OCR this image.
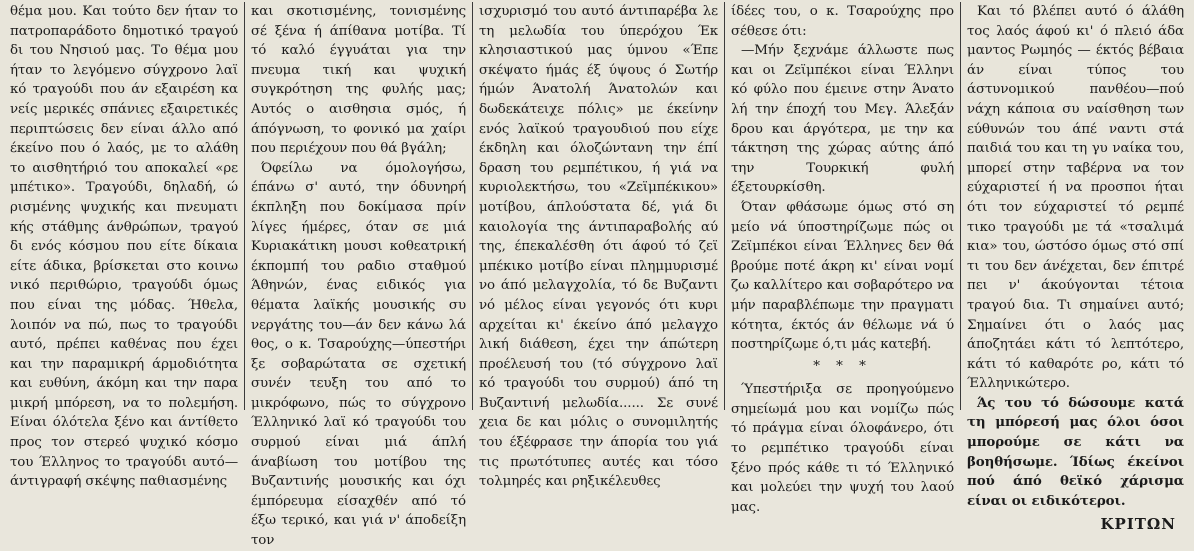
θέμα μου. Και τούτο δεν ήταν το πατροπαράδοτο δημοτικό τραγού δι του Νησιού μας. Το θέμα μου ήταν το λεγόμενο σύγχρονο λαϊ κό τραγούδι που άν εξαιρέση κα νείς μερικές σπάνιες εξαιρετικές περιπτώσεις δεν είναι άλλο από έκείνο που ό λαός, με το αλάθη το αισθητήριό του αποκαλεί «ρε μπέτικο». Τραγούδι, δηλαδή, ώ ρισμένης ψυχικής και πνευματι κής στάθμης άνθρώπων, τραγού δι ενός κόσμου που είτε δίκαια είτε άδικα, βρίσκεται στο κοινω νικό περιθώριο, τραγούδι όμως που είναι της μόδας. Ήθελα, λοιπόν να πώ, πως το τραγούδι αυτό, πρέπει καθένας που έχει και την παραμικρή άρμοδιότητα και ευθύνη, άκόμη και την παρα μικρή μπόρεση, να το πολεμήση. Είναι όλότελα ξένο και άντίθετο προς τον στερεό ψυχικό κόσμο του Έλληνος το τραγούδι αυτό— άντιγραφή σκέψης παθιασμένης

και σκοτισμένης, τονισμένης σέ ξένα ή άπίθανα μοτίβα. Τί τό καλό έγγυάται για την πνευμα τική και ψυχική συγκρότηση της φυλής μας; Αυτός ο αισθησια σμός, ή άπόγνωση, το φονικό μα χαίρι που περιέχουν που θά βγάλη;

Όφείλω να όμολογήσω, έπάνω σ' αυτό, την όδυνηρή έκπληξη που δοκίμασα πρίν λίγες ήμέρες, όταν σε μιά Κυριακάτικη μουσι κοθεατρική έκπομπή του ραδιο σταθμού Άθηνών, ένας ειδικός για θέματα λαϊκής μουσικής συ νεργάτης του—άν δεν κάνω λά θος, ο κ. Τσαρούχης—ύπεστήρι ξε σοβαρώτατα σε σχετική συνέν τευξη του από το μικρόφωνο, πώς το σύγχρονο Έλληνικό λαϊ κό τραγούδι του συρμού είναι μιά άπλή άναβίωση του μοτίβου της Βυζαντινής μουσικής και όχι έμπόρευμα είσαχθέν από τό έξω τερικό, και γιά ν' άποδείξη τον

ισχυρισμό του αυτό άντιπαρέβα λε τη μελωδία του ύπερόχου Έκ κλησιαστικού μας ύμνου «Έπε σκέψατο ήμάς έξ ύψους ό Σωτήρ ήμών Άνατολή Άνατολών και δωδεκάτειχε πόλις» με έκείνην ενός λαϊκού τραγουδιού που είχε έκδηλη και όλοζώντανη την έπί δραση του ρεμπέτικου, ή γιά να κυριολεκτήσω, του «Ζεϊμπέκικου» μοτίβου, άπλούστατα δέ, γιά δι καιολογία της άντιπαραβολής αύ της, έπεκαλέσθη ότι άφού τό ζεϊ μπέκικο μοτίβο είναι πλημμυρισμέ νο άπό μελαγχολία, τό δε Βυζαντι νό μέλος είναι γεγονός ότι κυρι αρχείται κι' έκείνο άπό μελαγχο λική διάθεση, έχει την άπώτερη προέλευσή του (τό σύγχρονο λαϊ κό τραγούδι του συρμού) άπό τη Βυζαντινή μελωδία...... Σε συνέ χεια δε και μόλις ο συνομιλητής του έξέφρασε την άπορία του γιά τις πρωτότυπες αυτές και τόσο τολμηρές και ρηξικέλευθες

ίδέες του, ο κ. Τσαρούχης προ σέθεσε ότι:

—Μήν ξεχνάμε άλλωστε πως και οι Ζεϊμπέκοι είναι Έλληνι κό φύλο που έμεινε στην Άνατο λή την έποχή του Μεγ. Άλεξάν δρου και άργότερα, με την κα τάκτηση της χώρας αύτης άπό την Τουρκική φυλή έξετουρκίσθη.

Όταν φθάσωμε όμως στό ση μείο νά ύποστηρίζωμε πώς οι Ζεϊμπέκοι είναι Έλληνες δεν θά βρούμε ποτέ άκρη κι' είναι νομί ζω καλλίτερο και σοβαρότερο να μήν παραβλέπωμε την πραγματι κότητα, έκτός άν θέλωμε νά ύ ποστηρίζωμε ό,τι μάς κατεβή.

* * *

Ύπεστήριξα σε προηγούμενο σημείωμά μου και νομίζω πώς τό πράγμα είναι όλοφάνερο, ότι το ρεμπέτικο τραγούδι είναι ξένο πρός κάθε τι τό Έλληνικό και μολεύει την ψυχή του λαού μας.

Και τό βλέπει αυτό ό άλάθη τος λαός άφού κι' ό πλειό άδα μαντος Ρωμηός — έκτός βέβαια άν είναι τύπος του άστυνομικού πανθέου—πού νάχη κάποια συ ναίσθηση των εύθυνών του άπέ ναντι στά παιδιά του και τη γυ ναίκα του, μπορεί στην ταβέρνα να τον εύχαριστεί ή να προσποι ήται ότι τον εύχαριστεί τό ρεμπέ τικο τραγούδι με τά «τσαλιμά κια» του, ώστόσο όμως στό σπί τι του δεν άνέχεται, δεν έπιτρέ πει ν' άκούγονται τέτοια τραγού δια. Τι σημαίνει αυτό; Σημαίνει ότι ο λαός μας άποζητάει κάτι τό λεπτότερο, κάτι τό καθαρότε ρο, κάτι τό Έλληνικώτερο.

Άς του τό δώσουμε κατά τη μπόρεσή μας όλοι όσοι μπορούμε σε κάτι να βοηθήσωμε. Ίδίως έκείνοι πού άπό θεϊκό χάρισμα είναι οι ειδικότεροι.

ΚΡΙΤΩΝ
